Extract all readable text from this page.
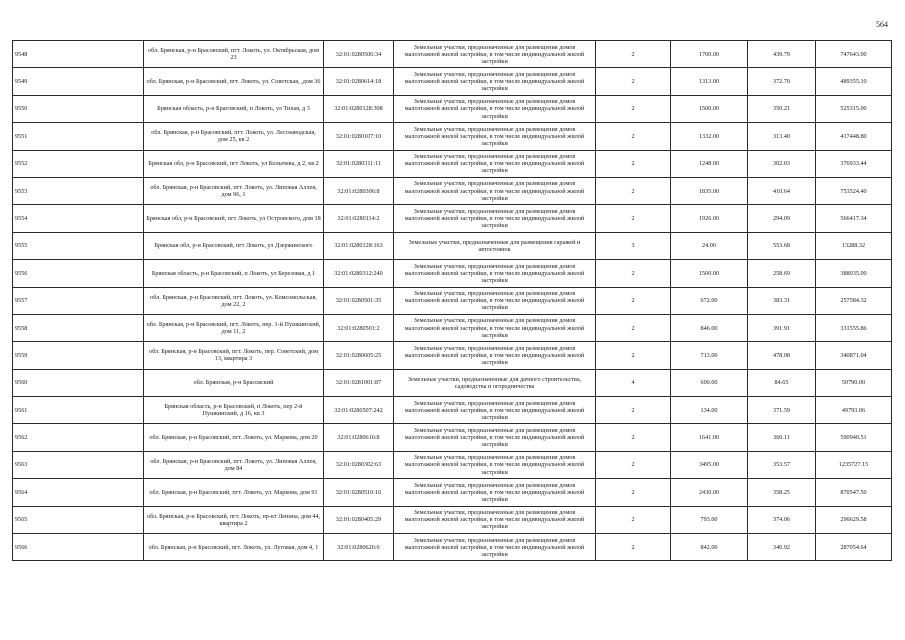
564
9548	обл. Брянская, р-н Брасовский, пгт. Локоть, ул. Октябрьская, дом 23	32:01:0280506:34	Земельные участки, предназначенные для размещения домов малоэтажной жилой застройки, в том числе индивидуальной жилой застройки	2	1700.00	439.79	747643.00
9549	обл. Брянская, р-н Брасовский, пгт. Локоть, ул. Советская, ,дом 36	32:01:0280614:18	Земельные участки, предназначенные для размещения домов малоэтажной жилой застройки, в том числе индивидуальной жилой застройки	2	1313.00	372.70	489355.10
9550	Брянская область, р-н Брасовский, п Локоть, ул Тихая, д 3	32:01:0280128:308	Земельные участки, предназначенные для размещения домов малоэтажной жилой застройки, в том числе индивидуальной жилой застройки	2	1500.00	350.21	525315.00
9551	обл. Брянская, р-н Брасовский, пгт. Локоть, ул. Лесозаводская, дом 25, кв 2	32:01:0280107:10	Земельные участки, предназначенные для размещения домов малоэтажной жилой застройки, в том числе индивидуальной жилой застройки	2	1332.00	313.40	417448.80
9552	Брянская обл, р-н Брасовский, пгт Локоть, ул Колычева, д 2, кв 2	32:01:0280311:11	Земельные участки, предназначенные для размещения домов малоэтажной жилой застройки, в том числе индивидуальной жилой застройки	2	1248.00	302.03	376933.44
9553	обл. Брянская, р-н Брасовский, пгт. Локоть, ул. Липовая Аллея, дом 96, 1	32:01:0280306:8	Земельные участки, предназначенные для размещения домов малоэтажной жилой застройки, в том числе индивидуальной жилой застройки	2	1835.00	410.64	753524.40
9554	Брянская обл, р-н Брасовский, пгт Локоть, ул Островского, дом 18	32:01:0280114:2	Земельные участки, предназначенные для размещения домов малоэтажной жилой застройки, в том числе индивидуальной жилой застройки	2	1926.00	294.09	566417.34
9555	Брянская обл, р-н Брасовский, пгт Локоть, ул Дзержинского	32:01:0280128:163	Земельные участки, предназначенные для размещения гаражей и автостоянок	3	24.00	553.68	13288.32
9556	Брянская область, р-н Брасовский, п Локоть, ул Березовая, д 1	32:01:0280312:240	Земельные участки, предназначенные для размещения домов малоэтажной жилой застройки, в том числе индивидуальной жилой застройки	2	1500.00	258.69	388035.00
9557	обл. Брянская, р-н Брасовский, пгт. Локоть, ул. Комсомольская, дом 22, 2	32:01:0280501:35	Земельные участки, предназначенные для размещения домов малоэтажной жилой застройки, в том числе индивидуальной жилой застройки	2	672.00	383.31	257584.32
9558	обл. Брянская, р-н Брасовский, пгт. Локоть, пер. 1-й Пушкинский, дом 11, 2	32:01:0280501:2	Земельные участки, предназначенные для размещения домов малоэтажной жилой застройки, в том числе индивидуальной жилой застройки	2	846.00	391.91	331555.86
9559	обл. Брянская, р-н Брасовский, пгт. Локоть, пер. Советский, дом 13, квартира 3	32:01:0280605:25	Земельные участки, предназначенные для размещения домов малоэтажной жилой застройки, в том числе индивидуальной жилой застройки	2	713.00	478.08	340871.04
9560	обл. Брянская, р-н Брасовский	32:01:0281001:87	Земельные участки, предназначенные для дачного строительства, садоводства и огородничества	4	600.00	84.65	50790.00
9561	Брянская область, р-н Брасовский, п Локоть, пер 2-й Пушкинский, д 16, кв 3	32:01:0280507:242	Земельные участки, предназначенные для размещения домов малоэтажной жилой застройки, в том числе индивидуальной жилой застройки	2	134.00	371.59	49793.06
9562	обл. Брянская, р-н Брасовский, пгт. Локоть, ул. Маркова, дом 20	32:01:0280616:8	Земельные участки, предназначенные для размещения домов малоэтажной жилой застройки, в том числе индивидуальной жилой застройки	2	1641.00	360.11	590940.51
9563	обл. Брянская, р-н Брасовский, пгт. Локоть, ул. Липовая Аллея, дом 84	32:01:0280302:63	Земельные участки, предназначенные для размещения домов малоэтажной жилой застройки, в том числе индивидуальной жилой застройки	2	3495.00	353.57	1235727.15
9564	обл. Брянская, р-н Брасовский, пгт. Локоть, ул. Маркова, дом 91	32:01:0280510:16	Земельные участки, предназначенные для размещения домов малоэтажной жилой застройки, в том числе индивидуальной жилой застройки	2	2430.00	358.25	870547.50
9565	обл. Брянская, р-н Брасовский, пгт. Локоть, пр-кт Ленина, дом 44, квартира 2	32:01:0280405:29	Земельные участки, предназначенные для размещения домов малоэтажной жилой застройки, в том числе индивидуальной жилой застройки	2	793.00	374.06	296629.58
9566	обл. Брянская, р-н Брасовский, пгт. Локоть, ул. Луговая, дом 4, 1	32:01:0280626:6	Земельные участки, предназначенные для размещения домов малоэтажной жилой застройки, в том числе индивидуальной жилой застройки	2	842.00	340.92	287054.64
